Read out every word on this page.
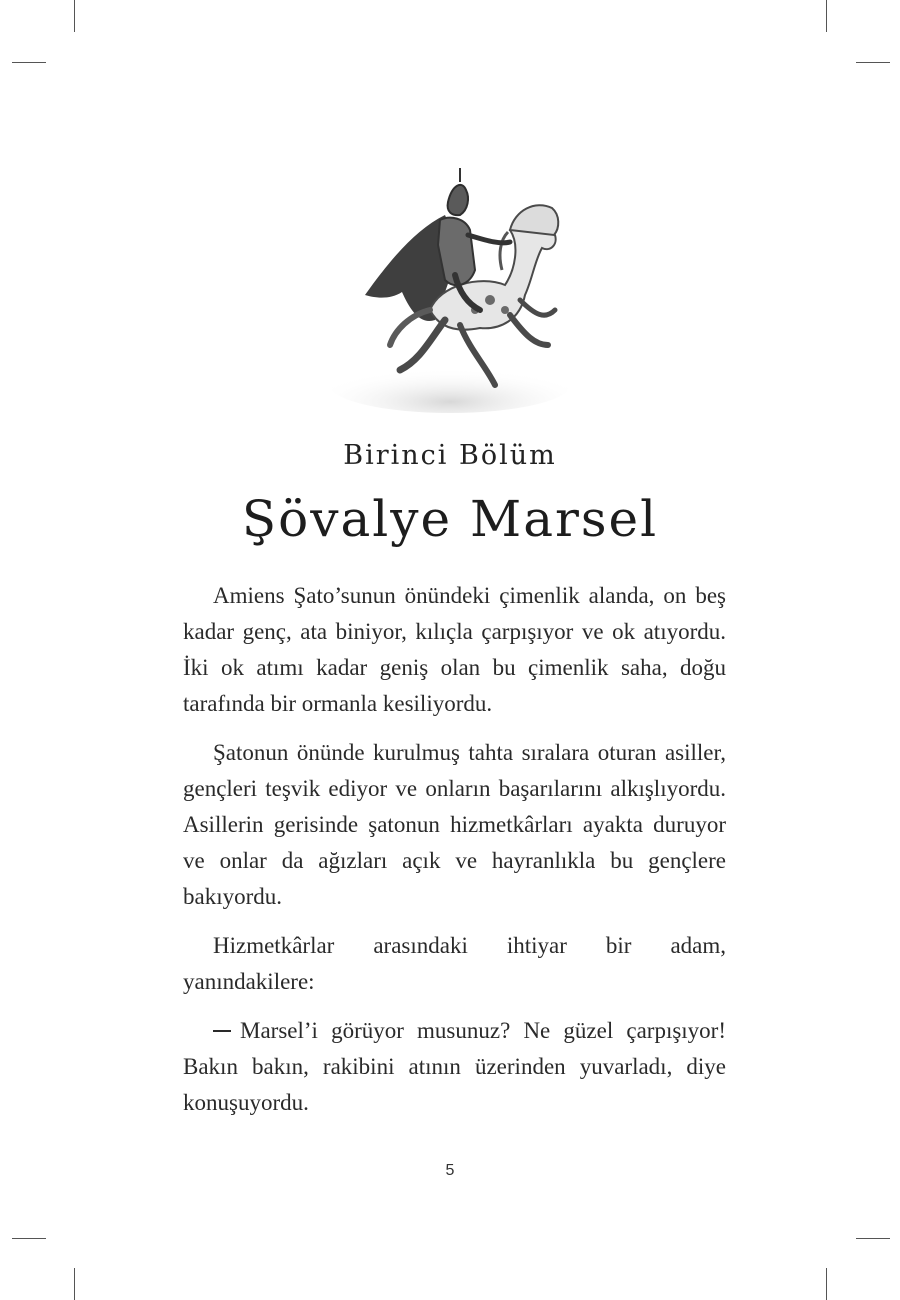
Birinci Bölüm
Şövalye Marsel

Amiens Şato’sunun önündeki çimenlik alanda, on beş kadar genç, ata biniyor, kılıçla çarpışıyor ve ok atıyordu. İki ok atımı kadar geniş olan bu çimenlik saha, doğu tarafında bir ormanla kesiliyordu.

Şatonun önünde kurulmuş tahta sıralara oturan asiller, gençleri teşvik ediyor ve onların başarılarını alkışlıyordu. Asillerin gerisinde şatonun hizmetkârları ayakta duruyor ve onlar da ağızları açık ve hayranlıkla bu gençlere bakıyordu.

Hizmetkârlar arasındaki ihtiyar bir adam, yanındakilere:

Marsel’i görüyor musunuz? Ne güzel çarpışıyor! Bakın bakın, rakibini atının üzerinden yuvarladı, diye konuşuyordu.

5
